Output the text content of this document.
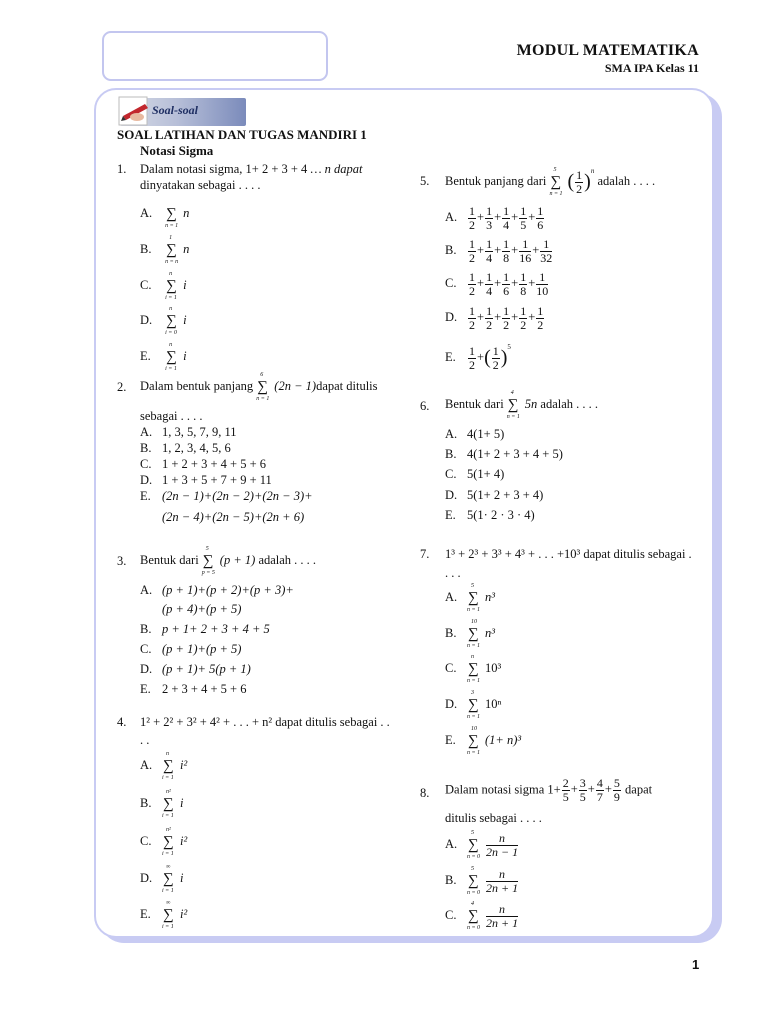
MODUL MATEMATIKA
SMA IPA Kelas 11
Soal-soal
SOAL LATIHAN DAN TUGAS MANDIRI 1
Notasi Sigma
1. Dalam notasi sigma, 1+ 2 + 3 + 4 … n dapat
dinyatakan sebagai . . . .
A. ∑
n = 1
n
B.
1
∑
n = n
n
C.
n
∑
i = 1
i
D.
n
∑
i = 0
i
E.
n
∑
i = 1
i
2. Dalam bentuk panjang
6
∑
n = 1
(2n − 1)dapat ditulis
sebagai . . . .
A. 1, 3, 5, 7, 9, 11
B. 1, 2, 3, 4, 5, 6
C. 1 + 2 + 3 + 4 + 5 + 6
D. 1 + 3 + 5 + 7 + 9 + 11
E. (2n − 1)+(2n − 2)+(2n − 3)+
(2n − 4)+(2n − 5)+(2n + 6)
3. Bentuk dari
5
∑
p = 5
(p + 1) adalah . . . .
A. (p + 1)+(p + 2)+(p + 3)+
(p + 4)+(p + 5)
B. p + 1+ 2 + 3 + 4 + 5
C. (p + 1)+(p + 5)
D. (p + 1)+ 5(p + 1)
E. 2 + 3 + 4 + 5 + 6
4. 1² + 2² + 3² + 4² + . . . + n² dapat ditulis sebagai . .
. .
A.
n
∑
i = 1
i²
B.
n²
∑
i = 1
i
C.
n²
∑
i = 1
i²
D.
∞
∑
i = 1
i
E.
∞
∑
i = 1
i²
5. Bentuk panjang dari
5
∑
n = 1
( $\frac{1}{2} )^n$ adalah . . . .
A. $\frac{1}{2} + \frac{1}{3} + \frac{1}{4} + \frac{1}{5} + \frac{1}{6}$
B. $\frac{1}{2} + \frac{1}{4} + \frac{1}{8} + \frac{1}{16} + \frac{1}{32}$
C. $\frac{1}{2} + \frac{1}{4} + \frac{1}{6} + \frac{1}{8} + \frac{1}{10}$
D. $\frac{1}{2} + \frac{1}{2} + \frac{1}{2} + \frac{1}{2} + \frac{1}{2}$
E. $\frac{1}{2}$ +( $\frac{1}{2} )^5$
6. Bentuk dari
4
∑
n = 1
5n adalah . . . .
A. 4(1+ 5)
B. 4(1+ 2 + 3 + 4 + 5)
C. 5(1+ 4)
D. 5(1+ 2 + 3 + 4)
E. 5(1· 2 · 3 · 4)
7. 1³ + 2³ + 3³ + 4³ + . . . +10³ dapat ditulis sebagai .
. . .
A.
5
∑
n = 1
n³
B.
10
∑
n = 1
n³
C.
n
∑
n = 1
10³
D.
3
∑
n = 1
10ⁿ
E.
10
∑
n = 1
(1+ n)³
8. Dalam notasi sigma $1+ \frac{2}{5} + \frac{3}{5} + \frac{4}{7} + \frac{5}{9}$ dapat
ditulis sebagai . . . .
A.
5
∑
$n = 0 \frac{n}{2n - 1}$
B.
5
∑
$n = 0 \frac{n}{2n + 1}$
C.
4
∑
$n = 0 \frac{n}{2n + 1}$
1
